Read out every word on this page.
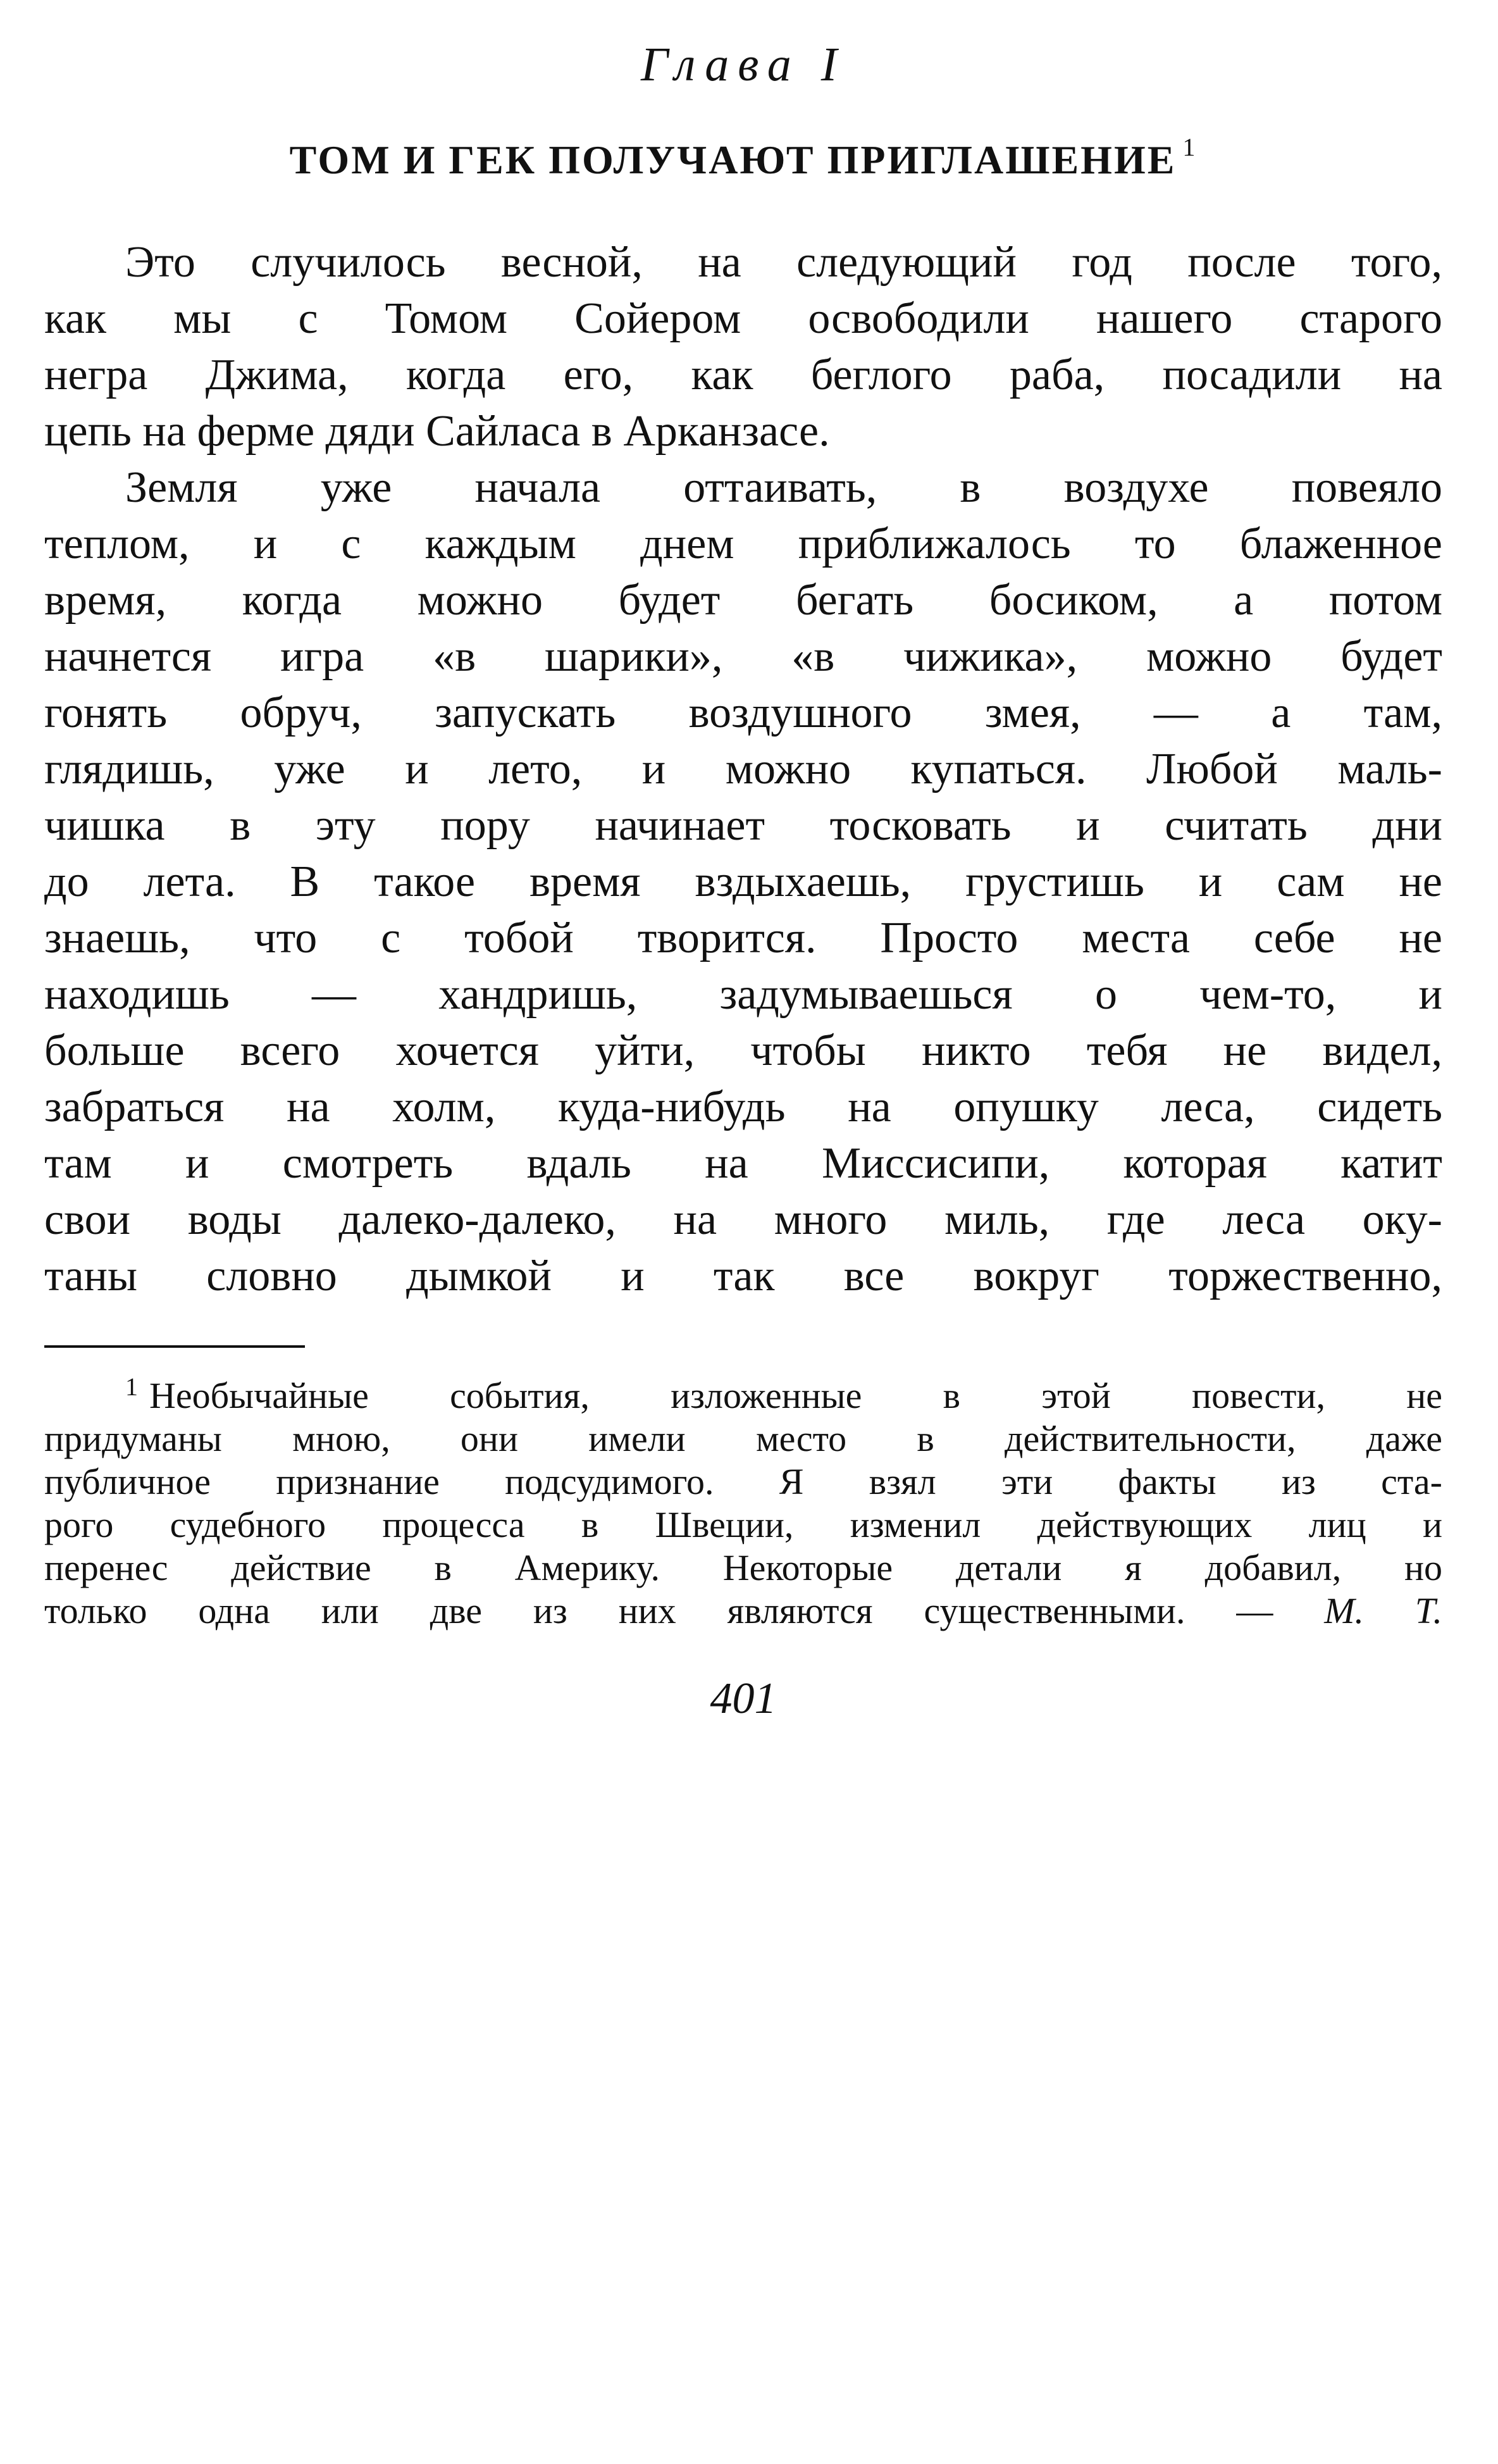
Глава I
ТОМ И ГЕК ПОЛУЧАЮТ ПРИГЛАШЕНИЕ $^1$
Это случилось весной, на следующий год после того,
как мы с Томом Сойером освободили нашего старого
негра Джима, когда его, как беглого раба, посадили на
цепь на ферме дяди Сайласа в Арканзасе.
Земля уже начала оттаивать, в воздухе повеяло
теплом, и с каждым днем приближалось то блаженное
время, когда можно будет бегать босиком, а потом
начнется игра «в шарики», «в чижика», можно будет
гонять обруч, запускать воздушного змея, — а там,
глядишь, уже и лето, и можно купаться. Любой маль-
чишка в эту пору начинает тосковать и считать дни
до лета. В такое время вздыхаешь, грустишь и сам не
знаешь, что с тобой творится. Просто места себе не
находишь — хандришь, задумываешься о чем-то, и
больше всего хочется уйти, чтобы никто тебя не видел,
забраться на холм, куда-нибудь на опушку леса, сидеть
там и смотреть вдаль на Миссисипи, которая катит
свои воды далеко-далеко, на много миль, где леса оку-
таны словно дымкой и так все вокруг торжественно,
$^1$ Необычайные события, изложенные в этой повести, не
придуманы мною, они имели место в действительности, даже
публичное признание подсудимого. Я взял эти факты из ста-
рого судебного процесса в Швеции, изменил действующих лиц и
перенес действие в Америку. Некоторые детали я добавил, но
только одна или две из них являются существенными. — М. Т.
401
